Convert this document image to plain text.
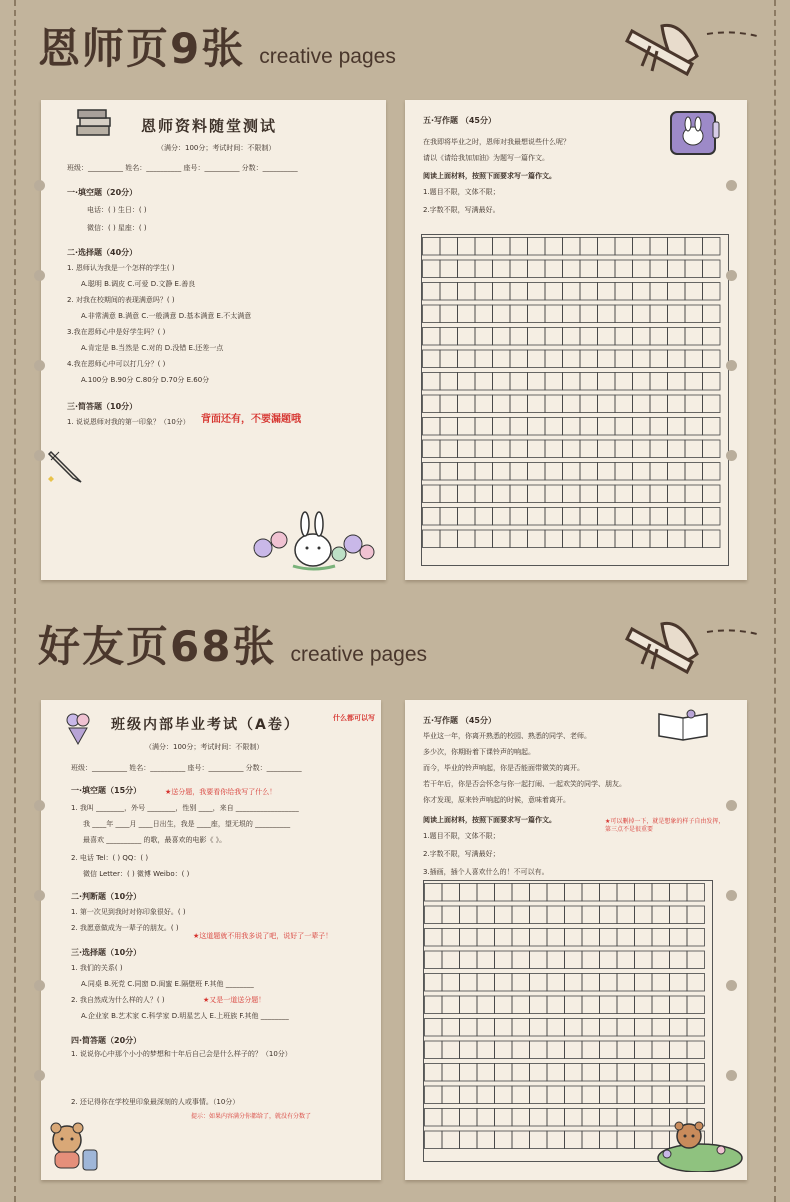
恩师页9张 creative pages
恩师资料随堂测试
（满分：100分；考试时间：不限制）
班级：__________ 姓名：__________ 座号：__________ 分数：__________
一·填空题（20分）
电话：( ) 生日：( )
微信：( ) 星座：( )
二·选择题（40分）
1. 恩师认为我是一个怎样的学生( )
A.聪明 B.调皮 C.可爱 D.文静 E.善良
2. 对我在校期间的表现满意吗？( )
A.非常满意 B.满意 C.一般满意 D.基本满意 E.不太满意
3.我在恩师心中是好学生吗？( )
A.肯定是 B.当然是 C.对的 D.没错 E.还差一点
4.我在恩师心中可以打几分？( )
A.100分 B.90分 C.80分 D.70分 E.60分
三·简答题（10分）
1. 说说恩师对我的第一印象？（10分） 背面还有，不要漏题哦
五·写作题 （45分）
在我即将毕业之时，恩师对我最想说些什么呢？
请以《请给我加加油》为题写一篇作文。
阅读上面材料，按照下面要求写一篇作文。
1.题目不限，文体不限；
2.字数不限，写满最好。
好友页68张 creative pages
班级内部毕业考试（A卷）	什么都可以写
（满分：100分；考试时间：不限制）
班级：__________ 姓名：__________ 座号：__________ 分数：__________
一·填空题（15分）	★送分题，我要看你给我写了什么！
1. 我叫 ________，外号 ________，性别 ____，来自 __________________
我 ____年 ____月 ____日出生，我是 ____座，望无垠的 __________
最喜欢 __________ 的歌，最喜欢的电影《 》。
2. 电话 Tel：( ) QQ：( )
微信 Letter：( ) 微博 Weibo：( )
二·判断题（10分）
1. 第一次见到我时对你印象很好。( )
2. 我愿意做成为一辈子的朋友。( )
★这道题就不用我多说了吧，说好了一辈子！
三·选择题（10分）
1. 我们的关系( )
A.同桌 B.死党 C.同窗 D.闺蜜 E.隔壁班 F.其他 ________
2. 我自然成为什么样的人？( )	★又是一道送分题！
A.企业家 B.艺术家 C.科学家 D.明星艺人 E.上班族 F.其他 ________
四·简答题（20分）
1. 说说你心中那个小小的梦想和十年后自己会是什么样子的？（10分）
2. 还记得你在学校里印象最深刻的人或事情。（10分）
提示：如果内容满分你都给了，就没有分数了
五·写作题 （45分）
毕业这一年，你离开熟悉的校园、熟悉的同学、老师。
多少次，你期盼着下课铃声的响起。
而今，毕业的铃声响起，你是否能面带微笑的离开。
若干年后，你是否会怀念与你一起打闹、一起欢笑的同学、朋友。
你才发现，原来铃声响起的时候，意味着离开。
阅读上面材料，按照下面要求写一篇作文。	★可以删掉一下，就是想象的样子自由发挥，第三点不是很重要
1.题目不限，文体不限；
2.字数不限，写满最好；
3.插画，插个人喜欢什么的！不可以有。
